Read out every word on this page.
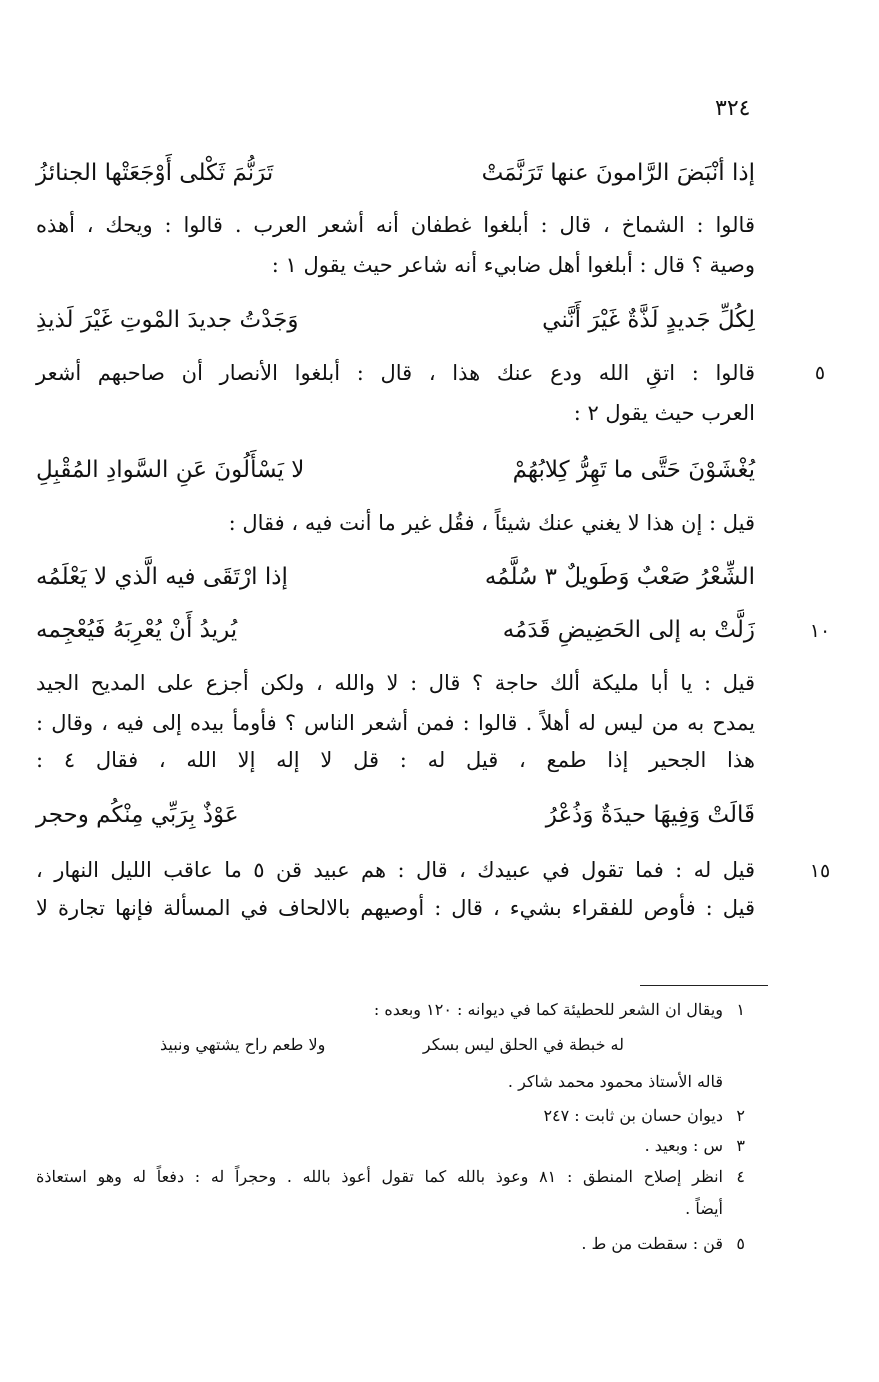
٣٢٤
إذا أنْبَضَ الرَّامونَ عنها تَرَنَّمَتْ
تَرَنُّمَ ثَكْلى أَوْجَعَتْها الجنائزُ
قالوا : الشماخ ، قال : أبلغوا غطفان أنه أشعر العرب . قالوا : ويحك ، أهذه
وصية ؟ قال : أبلغوا أهل ضابيء أنه شاعر حيث يقول ١ :
لِكُلِّ جَديدٍ لَذَّةٌ غَيْرَ أَنَّني
وَجَدْتُ جديدَ المْوتِ غَيْرَ لَذيذِ
٥
قالوا : اتقِ الله ودع عنك هذا ، قال : أبلغوا الأنصار أن صاحبهم أشعر
العرب حيث يقول ٢ :
يُغْشَوْنَ حَتَّى ما تَهِرُّ كِلابُهُمْ
لا يَسْأَلُونَ عَنِ السَّوادِ المُقْبِلِ
قيل : إن هذا لا يغني عنك شيئاً ، فقُل غير ما أنت فيه ، فقال :
الشِّعْرُ صَعْبٌ وَطَويلٌ ٣ سُلَّمُه
إذا ارْتَقَى فيه الَّذي لا يَعْلَمُه
١٠
زَلَّتْ به إلى الحَضِيضِ قَدَمُه
يُريدُ أَنْ يُعْرِبَهُ فَيُعْجِمه
قيل : يا أبا مليكة ألك حاجة ؟ قال : لا والله ، ولكن أجزع على المديح الجيد
يمدح به من ليس له أهلاً . قالوا : فمن أشعر الناس ؟ فأومأ بيده إلى فيه ، وقال :
هذا الجحير إذا طمع ، قيل له : قل لا إله إلا الله ، فقال ٤ :
قَالَتْ وَفِيهَا حيدَةٌ وَذُعْرُ
عَوْذٌ بِرَبِّي مِنْكُم وحجر
١٥
قيل له : فما تقول في عبيدك ، قال : هم عبيد قن ٥ ما عاقب الليل النهار ،
قيل : فأوص للفقراء بشيء ، قال : أوصيهم بالالحاف في المسألة فإنها تجارة لا
١
ويقال ان الشعر للحطيئة كما في ديوانه : ١٢٠ وبعده :
له خبطة في الحلق ليس بسكر
ولا طعم راح يشتهي ونبيذ
قاله الأستاذ محمود محمد شاكر .
٢
ديوان حسان بن ثابت : ٢٤٧
٣
س : وبعيد .
٤
انظر إصلاح المنطق : ٨١ وعوذ بالله كما تقول أعوذ بالله . وحجراً له : دفعاً له وهو استعاذة
أيضاً .
٥
قن : سقطت من ط .
